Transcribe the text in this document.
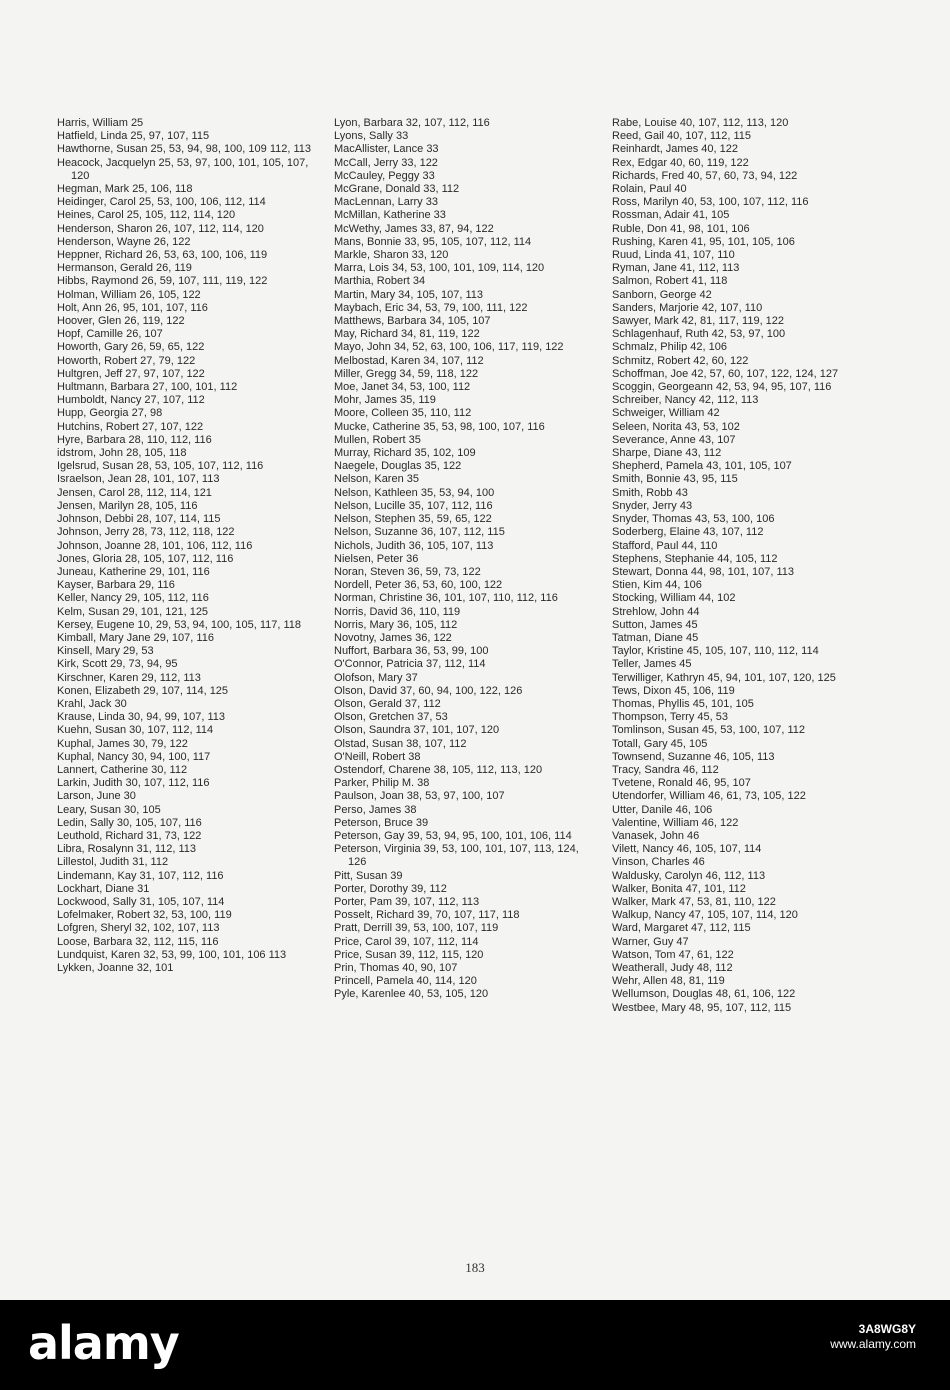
Harris, William 25
Hatfield, Linda 25, 97, 107, 115
Hawthorne, Susan 25, 53, 94, 98, 100, 109 112, 113
Heacock, Jacquelyn 25, 53, 97, 100, 101, 105, 107, 120
Hegman, Mark 25, 106, 118
Heidinger, Carol 25, 53, 100, 106, 112, 114
Heines, Carol 25, 105, 112, 114, 120
Henderson, Sharon 26, 107, 112, 114, 120
Henderson, Wayne 26, 122
Heppner, Richard 26, 53, 63, 100, 106, 119
Hermanson, Gerald 26, 119
Hibbs, Raymond 26, 59, 107, 111, 119, 122
Holman, William 26, 105, 122
Holt, Ann 26, 95, 101, 107, 116
Hoover, Glen 26, 119, 122
Hopf, Camille 26, 107
Howorth, Gary 26, 59, 65, 122
Howorth, Robert 27, 79, 122
Hultgren, Jeff 27, 97, 107, 122
Hultmann, Barbara 27, 100, 101, 112
Humboldt, Nancy 27, 107, 112
Hupp, Georgia 27, 98
Hutchins, Robert 27, 107, 122
Hyre, Barbara 28, 110, 112, 116
idstrom, John 28, 105, 118
Igelsrud, Susan 28, 53, 105, 107, 112, 116
Israelson, Jean 28, 101, 107, 113
Jensen, Carol 28, 112, 114, 121
Jensen, Marilyn 28, 105, 116
Johnson, Debbi 28, 107, 114, 115
Johnson, Jerry 28, 73, 112, 118, 122
Johnson, Joanne 28, 101, 106, 112, 116
Jones, Gloria 28, 105, 107, 112, 116
Juneau, Katherine 29, 101, 116
Kayser, Barbara 29, 116
Keller, Nancy 29, 105, 112, 116
Kelm, Susan 29, 101, 121, 125
Kersey, Eugene 10, 29, 53, 94, 100, 105, 117, 118
Kimball, Mary Jane 29, 107, 116
Kinsell, Mary 29, 53
Kirk, Scott 29, 73, 94, 95
Kirschner, Karen 29, 112, 113
Konen, Elizabeth 29, 107, 114, 125
Krahl, Jack 30
Krause, Linda 30, 94, 99, 107, 113
Kuehn, Susan 30, 107, 112, 114
Kuphal, James 30, 79, 122
Kuphal, Nancy 30, 94, 100, 117
Lannert, Catherine 30, 112
Larkin, Judith 30, 107, 112, 116
Larson, June 30
Leary, Susan 30, 105
Ledin, Sally 30, 105, 107, 116
Leuthold, Richard 31, 73, 122
Libra, Rosalynn 31, 112, 113
Lillestol, Judith 31, 112
Lindemann, Kay 31, 107, 112, 116
Lockhart, Diane 31
Lockwood, Sally 31, 105, 107, 114
Lofelmaker, Robert 32, 53, 100, 119
Lofgren, Sheryl 32, 102, 107, 113
Loose, Barbara 32, 112, 115, 116
Lundquist, Karen 32, 53, 99, 100, 101, 106 113
Lykken, Joanne 32, 101
Lyon, Barbara 32, 107, 112, 116
Lyons, Sally 33
MacAllister, Lance 33
McCall, Jerry 33, 122
McCauley, Peggy 33
McGrane, Donald 33, 112
MacLennan, Larry 33
McMillan, Katherine 33
McWethy, James 33, 87, 94, 122
Mans, Bonnie 33, 95, 105, 107, 112, 114
Markle, Sharon 33, 120
Marra, Lois 34, 53, 100, 101, 109, 114, 120
Marthia, Robert 34
Martin, Mary 34, 105, 107, 113
Maybach, Eric 34, 53, 79, 100, 111, 122
Matthews, Barbara 34, 105, 107
May, Richard 34, 81, 119, 122
Mayo, John 34, 52, 63, 100, 106, 117, 119, 122
Melbostad, Karen 34, 107, 112
Miller, Gregg 34, 59, 118, 122
Moe, Janet 34, 53, 100, 112
Mohr, James 35, 119
Moore, Colleen 35, 110, 112
Mucke, Catherine 35, 53, 98, 100, 107, 116
Mullen, Robert 35
Murray, Richard 35, 102, 109
Naegele, Douglas 35, 122
Nelson, Karen 35
Nelson, Kathleen 35, 53, 94, 100
Nelson, Lucille 35, 107, 112, 116
Nelson, Stephen 35, 59, 65, 122
Nelson, Suzanne 36, 107, 112, 115
Nichols, Judith 36, 105, 107, 113
Nielsen, Peter 36
Noran, Steven 36, 59, 73, 122
Nordell, Peter 36, 53, 60, 100, 122
Norman, Christine 36, 101, 107, 110, 112, 116
Norris, David 36, 110, 119
Norris, Mary 36, 105, 112
Novotny, James 36, 122
Nuffort, Barbara 36, 53, 99, 100
O'Connor, Patricia 37, 112, 114
Olofson, Mary 37
Olson, David 37, 60, 94, 100, 122, 126
Olson, Gerald 37, 112
Olson, Gretchen 37, 53
Olson, Saundra 37, 101, 107, 120
Olstad, Susan 38, 107, 112
O'Neill, Robert 38
Ostendorf, Charene 38, 105, 112, 113, 120
Parker, Philip M. 38
Paulson, Joan 38, 53, 97, 100, 107
Perso, James 38
Peterson, Bruce 39
Peterson, Gay 39, 53, 94, 95, 100, 101, 106, 114
Peterson, Virginia 39, 53, 100, 101, 107, 113, 124, 126
Pitt, Susan 39
Porter, Dorothy 39, 112
Porter, Pam 39, 107, 112, 113
Posselt, Richard 39, 70, 107, 117, 118
Pratt, Derrill 39, 53, 100, 107, 119
Price, Carol 39, 107, 112, 114
Price, Susan 39, 112, 115, 120
Prin, Thomas 40, 90, 107
Princell, Pamela 40, 114, 120
Pyle, Karenlee 40, 53, 105, 120
Rabe, Louise 40, 107, 112, 113, 120
Reed, Gail 40, 107, 112, 115
Reinhardt, James 40, 122
Rex, Edgar 40, 60, 119, 122
Richards, Fred 40, 57, 60, 73, 94, 122
Rolain, Paul 40
Ross, Marilyn 40, 53, 100, 107, 112, 116
Rossman, Adair 41, 105
Ruble, Don 41, 98, 101, 106
Rushing, Karen 41, 95, 101, 105, 106
Ruud, Linda 41, 107, 110
Ryman, Jane 41, 112, 113
Salmon, Robert 41, 118
Sanborn, George 42
Sanders, Marjorie 42, 107, 110
Sawyer, Mark 42, 81, 117, 119, 122
Schlagenhauf, Ruth 42, 53, 97, 100
Schmalz, Philip 42, 106
Schmitz, Robert 42, 60, 122
Schoffman, Joe 42, 57, 60, 107, 122, 124, 127
Scoggin, Georgeann 42, 53, 94, 95, 107, 116
Schreiber, Nancy 42, 112, 113
Schweiger, William 42
Seleen, Norita 43, 53, 102
Severance, Anne 43, 107
Sharpe, Diane 43, 112
Shepherd, Pamela 43, 101, 105, 107
Smith, Bonnie 43, 95, 115
Smith, Robb 43
Snyder, Jerry 43
Snyder, Thomas 43, 53, 100, 106
Soderberg, Elaine 43, 107, 112
Stafford, Paul 44, 110
Stephens, Stephanie 44, 105, 112
Stewart, Donna 44, 98, 101, 107, 113
Stien, Kim 44, 106
Stocking, William 44, 102
Strehlow, John 44
Sutton, James 45
Tatman, Diane 45
Taylor, Kristine 45, 105, 107, 110, 112, 114
Teller, James 45
Terwilliger, Kathryn 45, 94, 101, 107, 120, 125
Tews, Dixon 45, 106, 119
Thomas, Phyllis 45, 101, 105
Thompson, Terry 45, 53
Tomlinson, Susan 45, 53, 100, 107, 112
Totall, Gary 45, 105
Townsend, Suzanne 46, 105, 113
Tracy, Sandra 46, 112
Tvetene, Ronald 46, 95, 107
Utendorfer, William 46, 61, 73, 105, 122
Utter, Danile 46, 106
Valentine, William 46, 122
Vanasek, John 46
Vilett, Nancy 46, 105, 107, 114
Vinson, Charles 46
Waldusky, Carolyn 46, 112, 113
Walker, Bonita 47, 101, 112
Walker, Mark 47, 53, 81, 110, 122
Walkup, Nancy 47, 105, 107, 114, 120
Ward, Margaret 47, 112, 115
Warner, Guy 47
Watson, Tom 47, 61, 122
Weatherall, Judy 48, 112
Wehr, Allen 48, 81, 119
Wellumson, Douglas 48, 61, 106, 122
Westbee, Mary 48, 95, 107, 112, 115
183
alamy	3A8WG8Y
www.alamy.com
